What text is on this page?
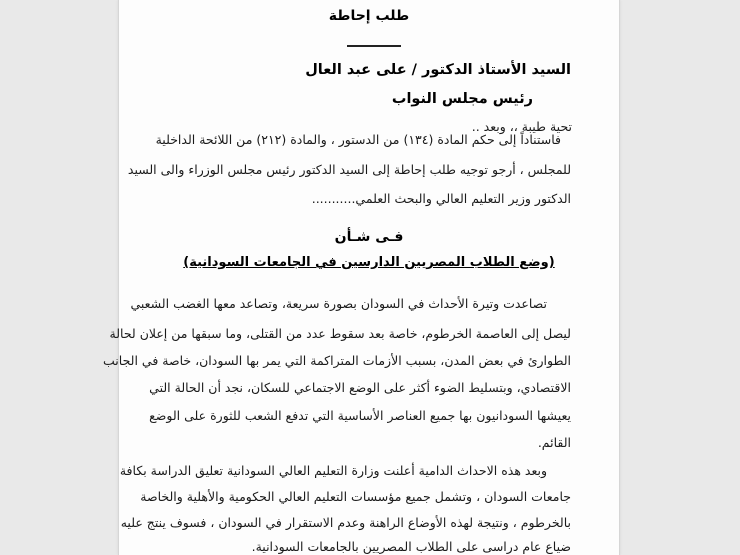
طلب إحاطة
السيد الأستاذ الدكتور / على عبد العال
رئيس مجلس النواب
تحية طيبة ،، وبعد ..
فاستناداً إلى حكم المادة (١٣٤) من الدستور ، والمادة (٢١٢) من اللائحة الداخلية
للمجلس ، أرجو توجيه طلب إحاطة إلى السيد الدكتور رئيس مجلس الوزراء والى السيد
الدكتور وزير التعليم العالي والبحث العلمي...........
فـى شـأن
(وضع الطلاب المصريين الدارسين في الجامعات السودانية)
تصاعدت وتيرة الأحداث في السودان بصورة سريعة، وتصاعد معها الغضب الشعبي
ليصل إلى العاصمة الخرطوم، خاصة بعد سقوط عدد من القتلى، وما سبقها من إعلان لحالة
الطوارئ في بعض المدن، بسبب الأزمات المتراكمة التي يمر بها السودان، خاصة في الجانب
الاقتصادي، وبتسليط الضوء أكثر على الوضع الاجتماعي للسكان، نجد أن الحالة التي
يعيشها السودانيون بها جميع العناصر الأساسية التي تدفع الشعب للثورة على الوضع
القائم.
وبعد هذه الاحداث الدامية أعلنت وزارة التعليم العالي السودانية تعليق الدراسة بكافة
جامعات السودان ، وتشمل جميع مؤسسات التعليم العالي الحكومية والأهلية والخاصة
بالخرطوم ، ونتيجة لهذه الأوضاع الراهنة وعدم الاستقرار في السودان ، فسوف ينتج عليه
ضياع عام دراسى على الطلاب المصريين بالجامعات السودانية.
